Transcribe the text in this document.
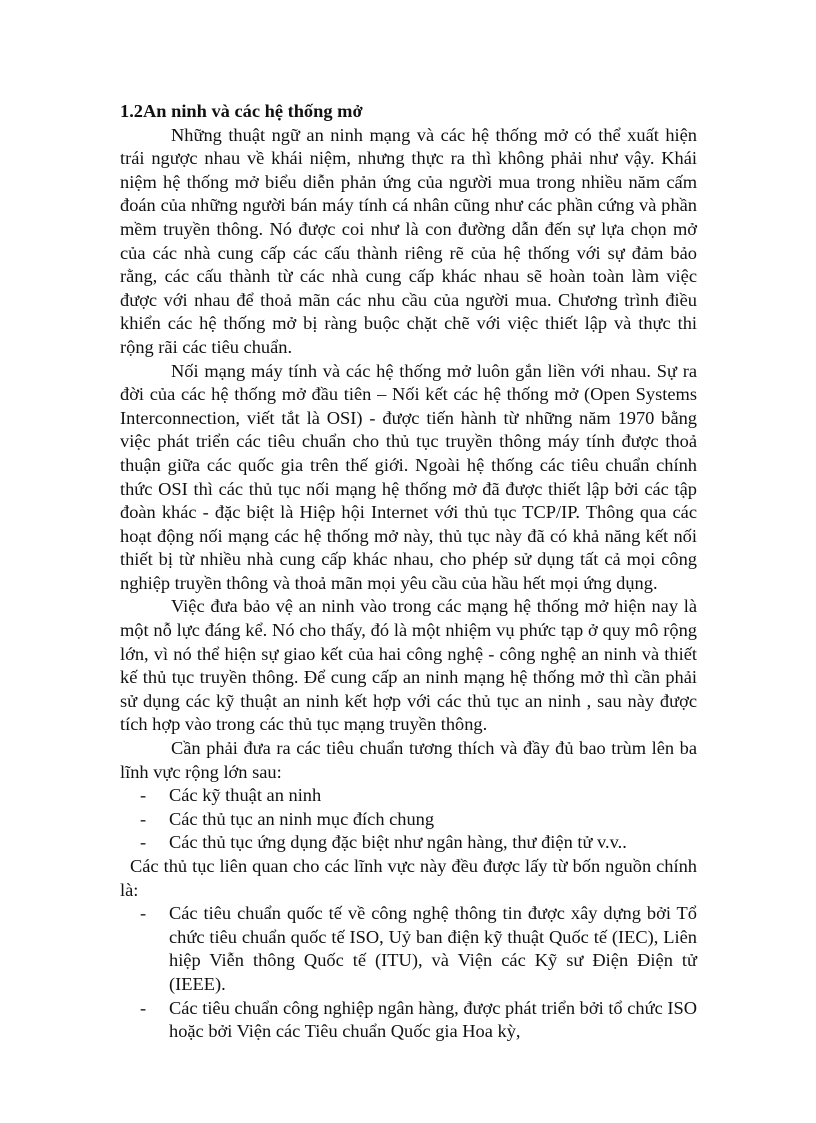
1.2An ninh và các hệ thống mở

Những thuật ngữ an ninh mạng và các hệ thống mở có thể xuất hiện trái ngược nhau về khái niệm, nhưng thực ra thì không phải như vậy. Khái niệm hệ thống mở biểu diễn phản ứng của người mua trong nhiều năm cấm đoán của những người bán máy tính cá nhân cũng như các phần cứng và phần mềm truyền thông. Nó được coi như là con đường dẫn đến sự lựa chọn mở của các nhà cung cấp các cấu thành riêng rẽ của hệ thống với sự đảm bảo rằng, các cấu thành từ các nhà cung cấp khác nhau sẽ hoàn toàn làm việc được với nhau để thoả mãn các nhu cầu của người mua. Chương trình điều khiển các hệ thống mở bị ràng buộc chặt chẽ với việc thiết lập và thực thi rộng rãi các tiêu chuẩn.

Nối mạng máy tính và các hệ thống mở luôn gắn liền với nhau. Sự ra đời của các hệ thống mở đầu tiên – Nối kết các hệ thống mở (Open Systems Interconnection, viết tắt là OSI) - được tiến hành từ những năm 1970 bằng việc phát triển các tiêu chuẩn cho thủ tục truyền thông máy tính được thoả thuận giữa các quốc gia trên thế giới. Ngoài hệ thống các tiêu chuẩn chính thức OSI thì các thủ tục nối mạng hệ thống mở đã được thiết lập bởi các tập đoàn khác - đặc biệt là Hiệp hội Internet với thủ tục TCP/IP. Thông qua các hoạt động nối mạng các hệ thống mở này, thủ tục này đã có khả năng kết nối thiết bị từ nhiều nhà cung cấp khác nhau, cho phép sử dụng tất cả mọi công nghiệp truyền thông và thoả mãn mọi yêu cầu của hầu hết mọi ứng dụng.

Việc đưa bảo vệ an ninh vào trong các mạng hệ thống mở hiện nay là một nỗ lực đáng kể. Nó cho thấy, đó là một nhiệm vụ phức tạp ở quy mô rộng lớn, vì nó thể hiện sự giao kết của hai công nghệ - công nghệ an ninh và thiết kế thủ tục truyền thông. Để cung cấp an ninh mạng hệ thống mở thì cần phải sử dụng các kỹ thuật an ninh kết hợp với các thủ tục an ninh , sau này được tích hợp vào trong các thủ tục mạng truyền thông.

Cần phải đưa ra các tiêu chuẩn tương thích và đầy đủ bao trùm lên ba lĩnh vực rộng lớn sau:

- Các kỹ thuật an ninh
- Các thủ tục an ninh mục đích chung
- Các thủ tục ứng dụng đặc biệt như ngân hàng, thư điện tử v.v..

Các thủ tục liên quan cho các lĩnh vực này đều được lấy từ bốn nguồn chính là:

- Các tiêu chuẩn quốc tế về công nghệ thông tin được xây dựng bởi Tổ chức tiêu chuẩn quốc tế ISO, Uỷ ban điện kỹ thuật Quốc tế (IEC), Liên hiệp Viễn thông Quốc tế (ITU), và Viện các Kỹ sư Điện Điện tử (IEEE).
- Các tiêu chuẩn công nghiệp ngân hàng, được phát triển bởi tổ chức ISO hoặc bởi Viện các Tiêu chuẩn Quốc gia Hoa kỳ,
